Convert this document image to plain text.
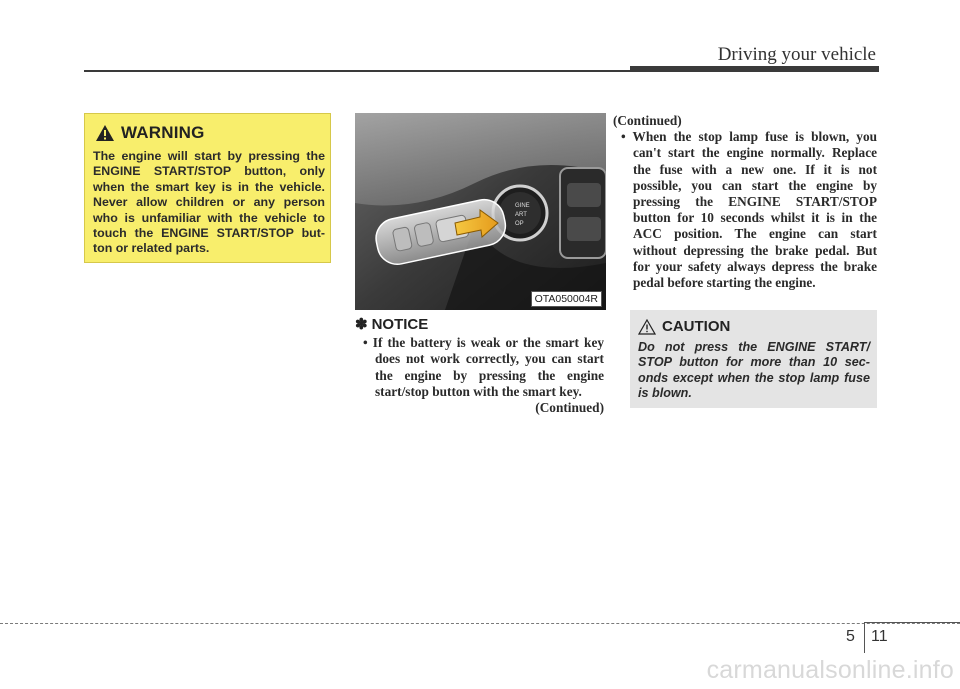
Driving your vehicle
WARNING
The engine will start by pressing the ENGINE START/STOP button, only when the smart key is in the vehicle. Never allow children or any person who is unfamiliar with the vehicle to touch the ENGINE START/STOP but- ton or related parts.
GINE
ART
OP
OTA050004R
✽ NOTICE
• If the battery is weak or the smart key does not work correctly, you can start the engine by pressing the engine start/stop button with the smart key.
(Continued)
(Continued)
• When the stop lamp fuse is blown, you can't start the engine normally. Replace the fuse with a new one. If it is not possible, you can start the engine by pressing the ENGINE START/STOP button for 10 seconds whilst it is in the ACC position. The engine can start without depressing the brake pedal. But for your safety always depress the brake pedal before starting the engine.
CAUTION
Do not press the ENGINE START/ STOP button for more than 10 sec- onds except when the stop lamp fuse is blown.
5 11
carmanualsonline.info
